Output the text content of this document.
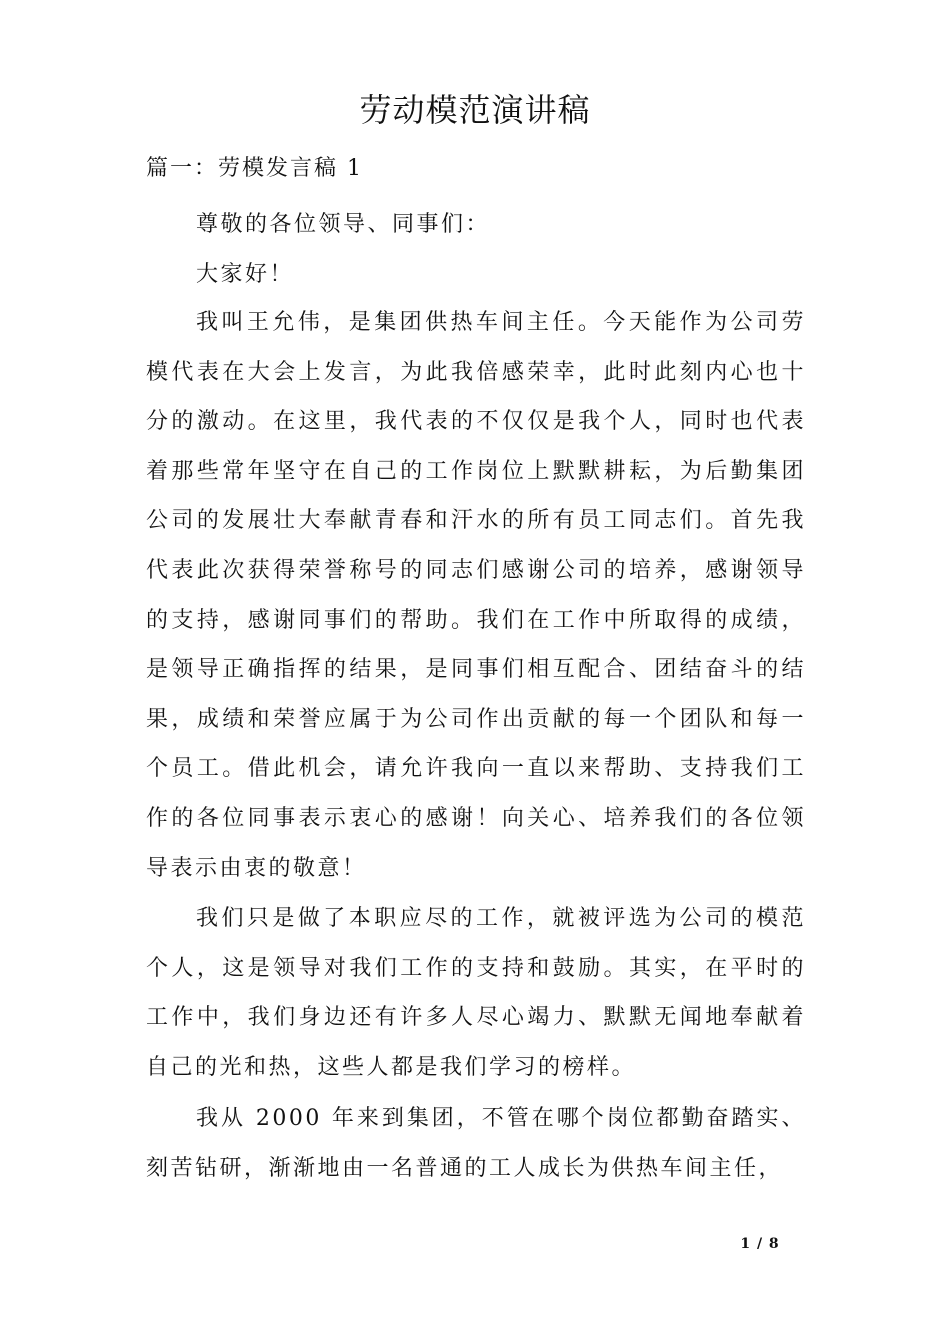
劳动模范演讲稿
篇一：劳模发言稿 1

尊敬的各位领导、同事们：

大家好！

我叫王允伟，是集团供热车间主任。今天能作为公司劳模代表在大会上发言，为此我倍感荣幸，此时此刻内心也十分的激动。在这里，我代表的不仅仅是我个人，同时也代表着那些常年坚守在自己的工作岗位上默默耕耘，为后勤集团公司的发展壮大奉献青春和汗水的所有员工同志们。首先我代表此次获得荣誉称号的同志们感谢公司的培养，感谢领导的支持，感谢同事们的帮助。我们在工作中所取得的成绩，是领导正确指挥的结果，是同事们相互配合、团结奋斗的结果，成绩和荣誉应属于为公司作出贡献的每一个团队和每一个员工。借此机会，请允许我向一直以来帮助、支持我们工作的各位同事表示衷心的感谢！向关心、培养我们的各位领导表示由衷的敬意！

我们只是做了本职应尽的工作，就被评选为公司的模范个人，这是领导对我们工作的支持和鼓励。其实，在平时的工作中，我们身边还有许多人尽心竭力、默默无闻地奉献着自己的光和热，这些人都是我们学习的榜样。

我从 2000 年来到集团，不管在哪个岗位都勤奋踏实、刻苦钻研，渐渐地由一名普通的工人成长为供热车间主任，

1 / 8
